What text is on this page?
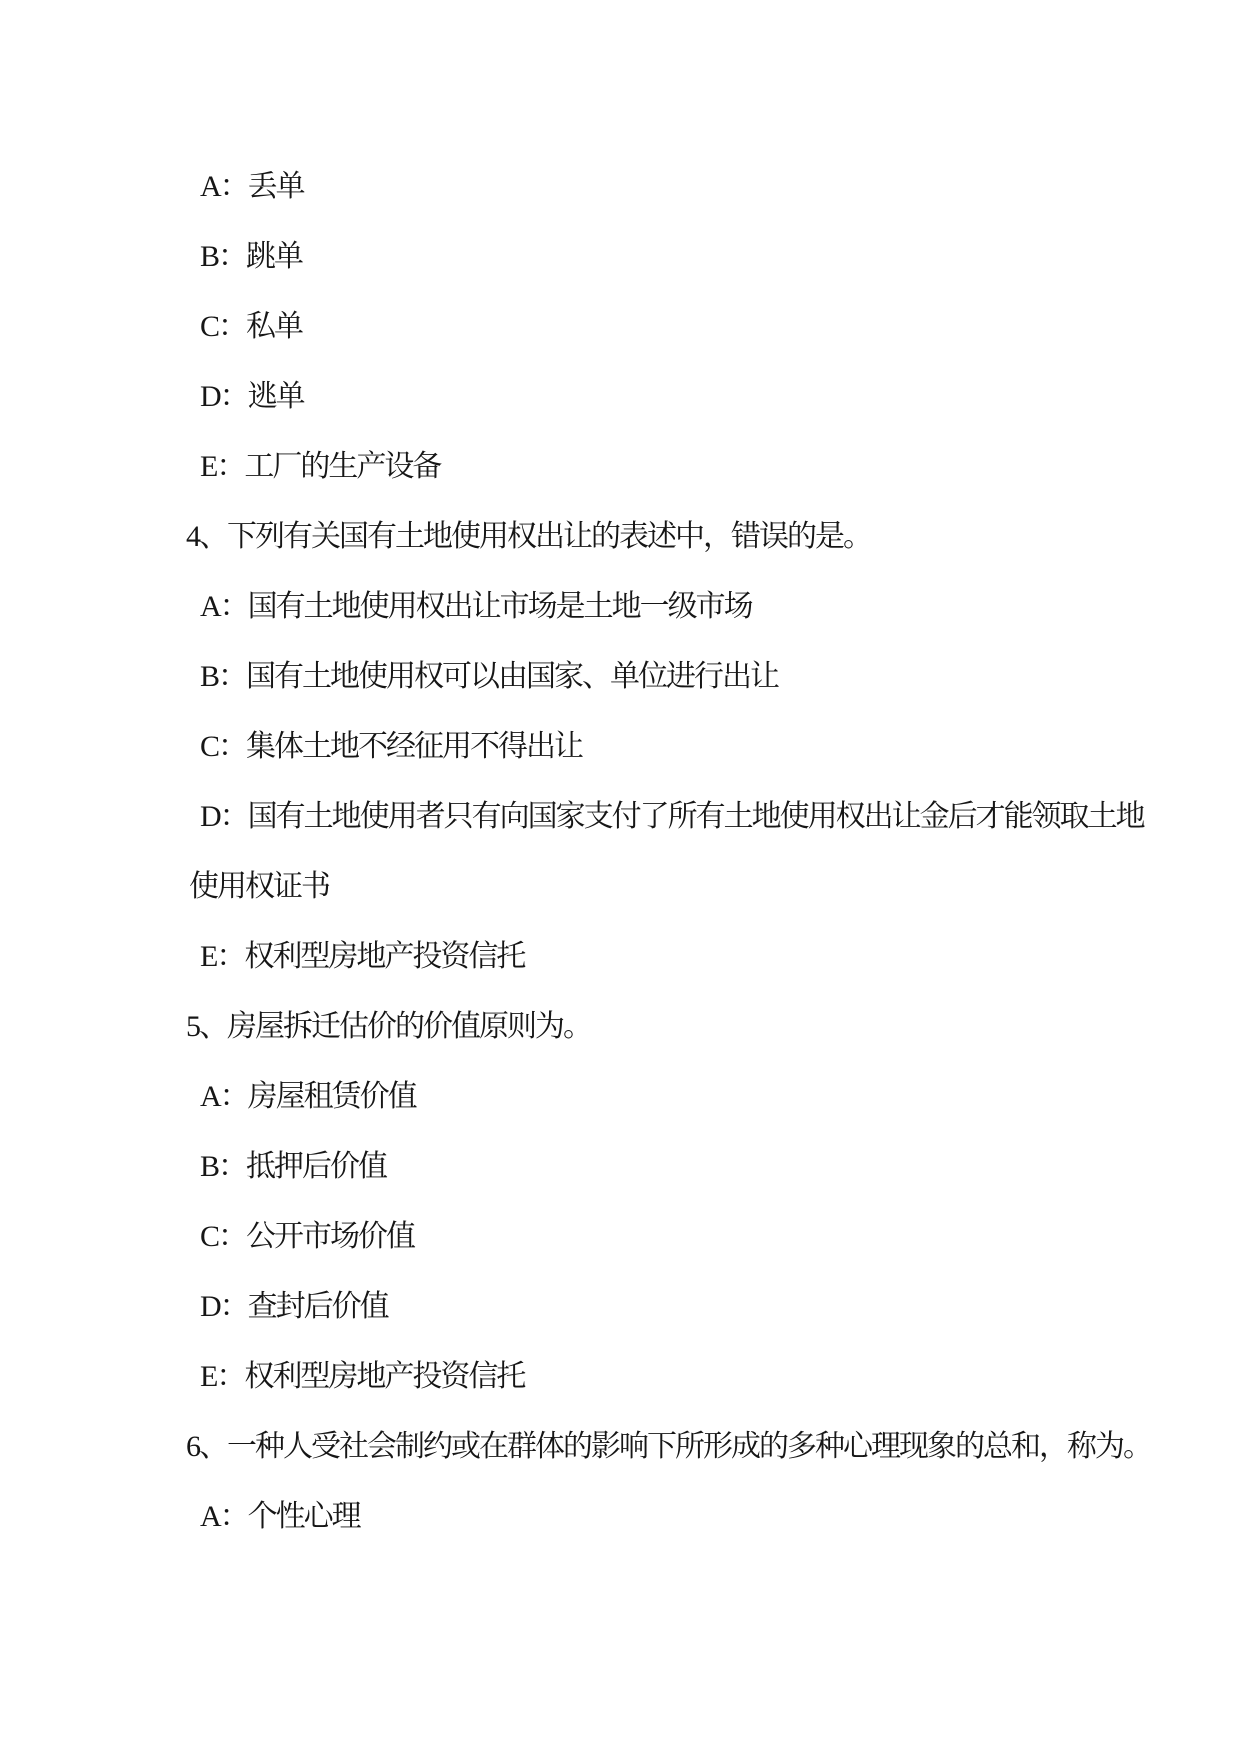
A：丢单
B：跳单
C：私单
D：逃单
E：工厂的生产设备
4、下列有关国有土地使用权出让的表述中，错误的是。
A：国有土地使用权出让市场是土地一级市场
B：国有土地使用权可以由国家、单位进行出让
C：集体土地不经征用不得出让
D：国有土地使用者只有向国家支付了所有土地使用权出让金后才能领取土地
使用权证书
E：权利型房地产投资信托
5、房屋拆迁估价的价值原则为。
A：房屋租赁价值
B：抵押后价值
C：公开市场价值
D：查封后价值
E：权利型房地产投资信托
6、一种人受社会制约或在群体的影响下所形成的多种心理现象的总和，称为。
A：个性心理
